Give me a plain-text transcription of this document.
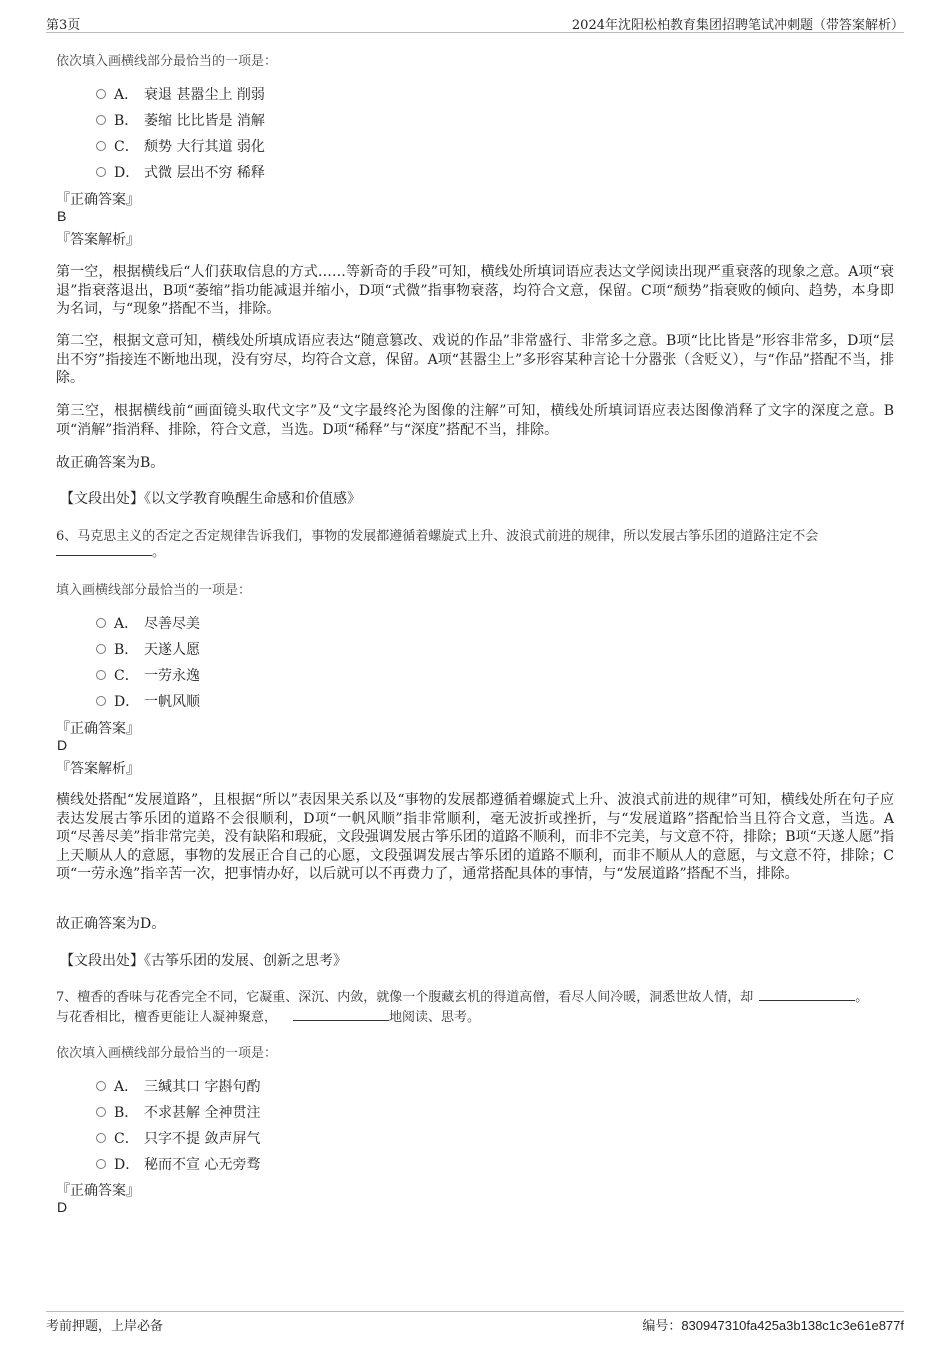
第3页	2024年沈阳松柏教育集团招聘笔试冲刺题（带答案解析）
依次填入画横线部分最恰当的一项是：
A． 衰退 甚嚣尘上 削弱
B． 萎缩 比比皆是 消解
C． 颓势 大行其道 弱化
D． 式微 层出不穷 稀释
『正确答案』
B
『答案解析』
第一空，根据横线后“人们获取信息的方式……等新奇的手段”可知，横线处所填词语应表达文学阅读出现严重衰落的现象之意。A项“衰退”指衰落退出，B项“萎缩”指功能减退并缩小，D项“式微”指事物衰落，均符合文意，保留。C项“颓势”指衰败的倾向、趋势，本身即为名词，与“现象”搭配不当，排除。
第二空，根据文意可知，横线处所填成语应表达“随意篡改、戏说的作品”非常盛行、非常多之意。B项“比比皆是”形容非常多，D项“层出不穷”指接连不断地出现，没有穷尽，均符合文意，保留。A项“甚嚣尘上”多形容某种言论十分嚣张（含贬义），与“作品”搭配不当，排除。
第三空，根据横线前“画面镜头取代文字”及“文字最终沦为图像的注解”可知，横线处所填词语应表达图像消释了文字的深度之意。B项“消解”指消释、排除，符合文意，当选。D项“稀释”与“深度”搭配不当，排除。
故正确答案为B。
【文段出处】《以文学教育唤醒生命感和价值感》
6、马克思主义的否定之否定规律告诉我们，事物的发展都遵循着螺旋式上升、波浪式前进的规律，所以发展古筝乐团的道路注定不会
。
填入画横线部分最恰当的一项是：
A． 尽善尽美
B． 天遂人愿
C． 一劳永逸
D． 一帆风顺
『正确答案』
D
『答案解析』
横线处搭配“发展道路”，且根据“所以”表因果关系以及“事物的发展都遵循着螺旋式上升、波浪式前进的规律”可知，横线处所在句子应表达发展古筝乐团的道路不会很顺利，D项“一帆风顺”指非常顺利，毫无波折或挫折，与“发展道路”搭配恰当且符合文意，当选。A项“尽善尽美”指非常完美，没有缺陷和瑕疵，文段强调发展古筝乐团的道路不顺利，而非不完美，与文意不符，排除；B项“天遂人愿”指上天顺从人的意愿，事物的发展正合自己的心愿，文段强调发展古筝乐团的道路不顺利，而非不顺从人的意愿，与文意不符，排除；C项“一劳永逸”指辛苦一次，把事情办好，以后就可以不再费力了，通常搭配具体的事情，与“发展道路”搭配不当，排除。
故正确答案为D。
【文段出处】《古筝乐团的发展、创新之思考》
7、檀香的香味与花香完全不同，它凝重、深沉、内敛，就像一个腹藏玄机的得道高僧，看尽人间冷暖，洞悉世故人情，却	。
与花香相比，檀香更能让人凝神聚意，	地阅读、思考。
依次填入画横线部分最恰当的一项是：
A． 三缄其口 字斟句酌
B． 不求甚解 全神贯注
C． 只字不提 敛声屏气
D． 秘而不宣 心无旁骛
『正确答案』
D
考前押题，上岸必备	编号：830947310fa425a3b138c1c3e61e877f
